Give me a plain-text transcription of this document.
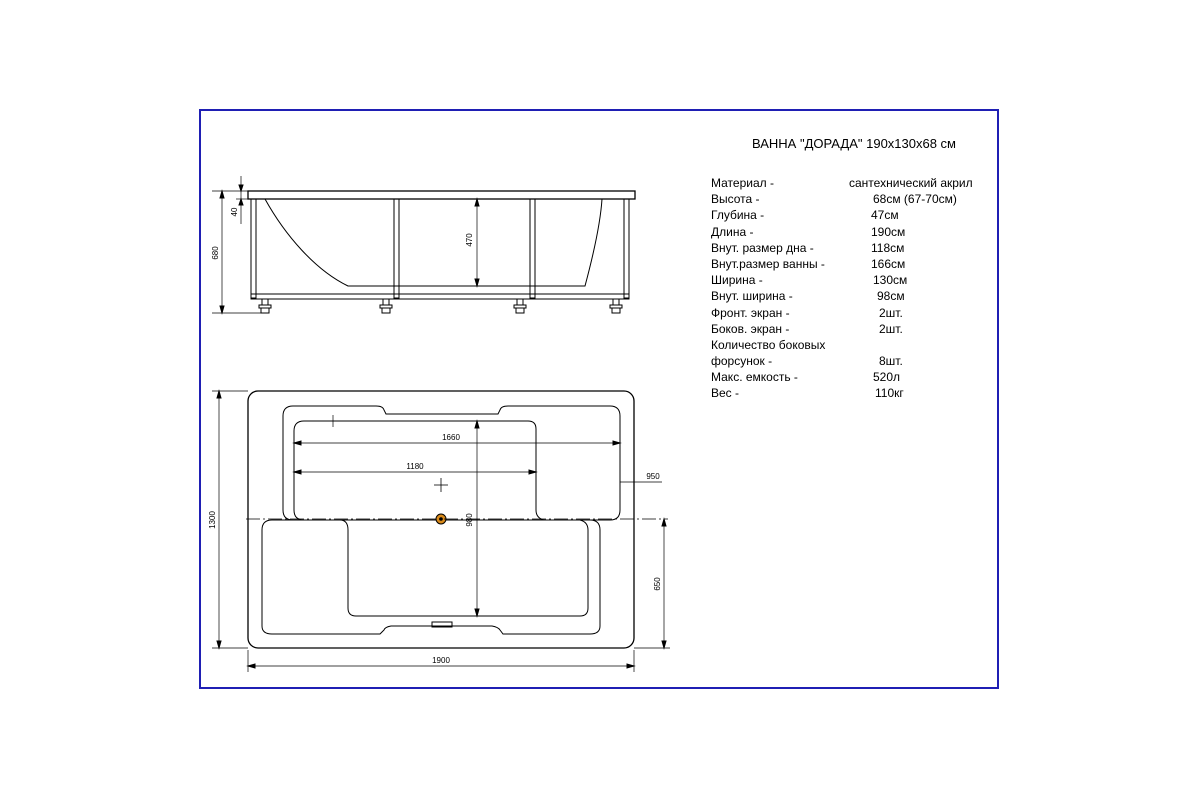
680
40
470
1660
1180
950
980
1300
650
1900
ВАННА "ДОРАДА" 190х130х68 см
Материал -	сантехнический акрил
Высота -	68см (67-70см)
Глубина -	47см
Длина -	190см
Внут. размер дна -	118см
Внут.размер ванны -	166см
Ширина -	130см
Внут. ширина -	98см
Фронт. экран -	2шт.
Боков. экран -	2шт.
Количество боковых
форсунок -	8шт.
Макс. емкость -	520л
Вес -	110кг
